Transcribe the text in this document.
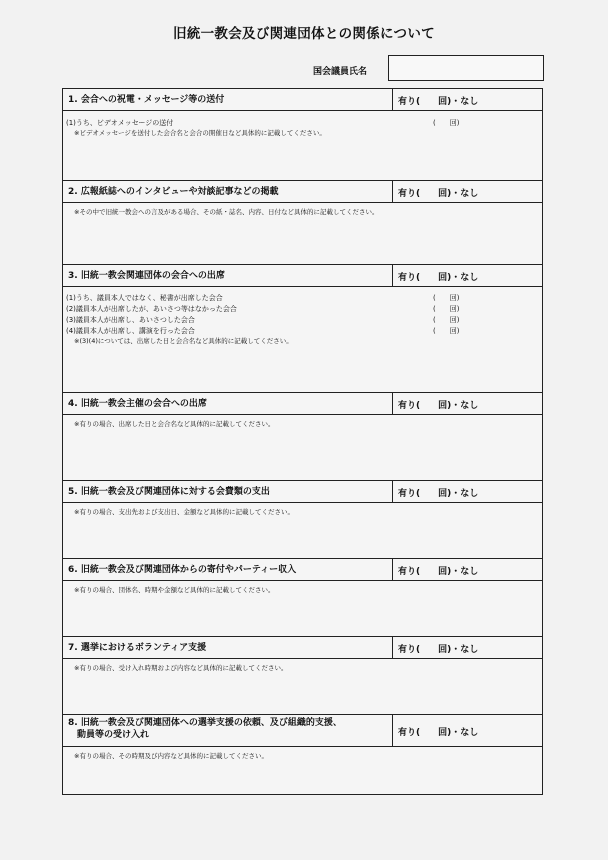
旧統一教会及び関連団体との関係について
国会議員氏名
1. 会合への祝電・メッセージ等の送付	有り(　　回)・なし
(1)うち、ビデオメッセージの送付	(　　回)
※ビデオメッセージを送付した会合名と会合の開催日など具体的に記載してください。
2. 広報紙誌へのインタビューや対談記事などの掲載	有り(　　回)・なし
※その中で旧統一教会への言及がある場合、その紙・誌名、内容、日付など具体的に記載してください。
3. 旧統一教会関連団体の会合への出席	有り(　　回)・なし
(1)うち、議員本人ではなく、秘書が出席した会合	(　　回)
(2)議員本人が出席したが、あいさつ等はなかった会合	(　　回)
(3)議員本人が出席し、あいさつした会合	(　　回)
(4)議員本人が出席し、講演を行った会合	(　　回)
※(3)(4)については、出席した日と会合名など具体的に記載してください。
4. 旧統一教会主催の会合への出席	有り(　　回)・なし
※有りの場合、出席した日と会合名など具体的に記載してください。
5. 旧統一教会及び関連団体に対する会費類の支出	有り(　　回)・なし
※有りの場合、支出先および支出日、金額など具体的に記載してください。
6. 旧統一教会及び関連団体からの寄付やパーティー収入	有り(　　回)・なし
※有りの場合、団体名、時期や金額など具体的に記載してください。
7. 選挙におけるボランティア支援	有り(　　回)・なし
※有りの場合、受け入れ時期および内容など具体的に記載してください。
8. 旧統一教会及び関連団体への選挙支援の依頼、及び組織的支援、
　動員等の受け入れ	有り(　　回)・なし
※有りの場合、その時期及び内容など具体的に記載してください。
